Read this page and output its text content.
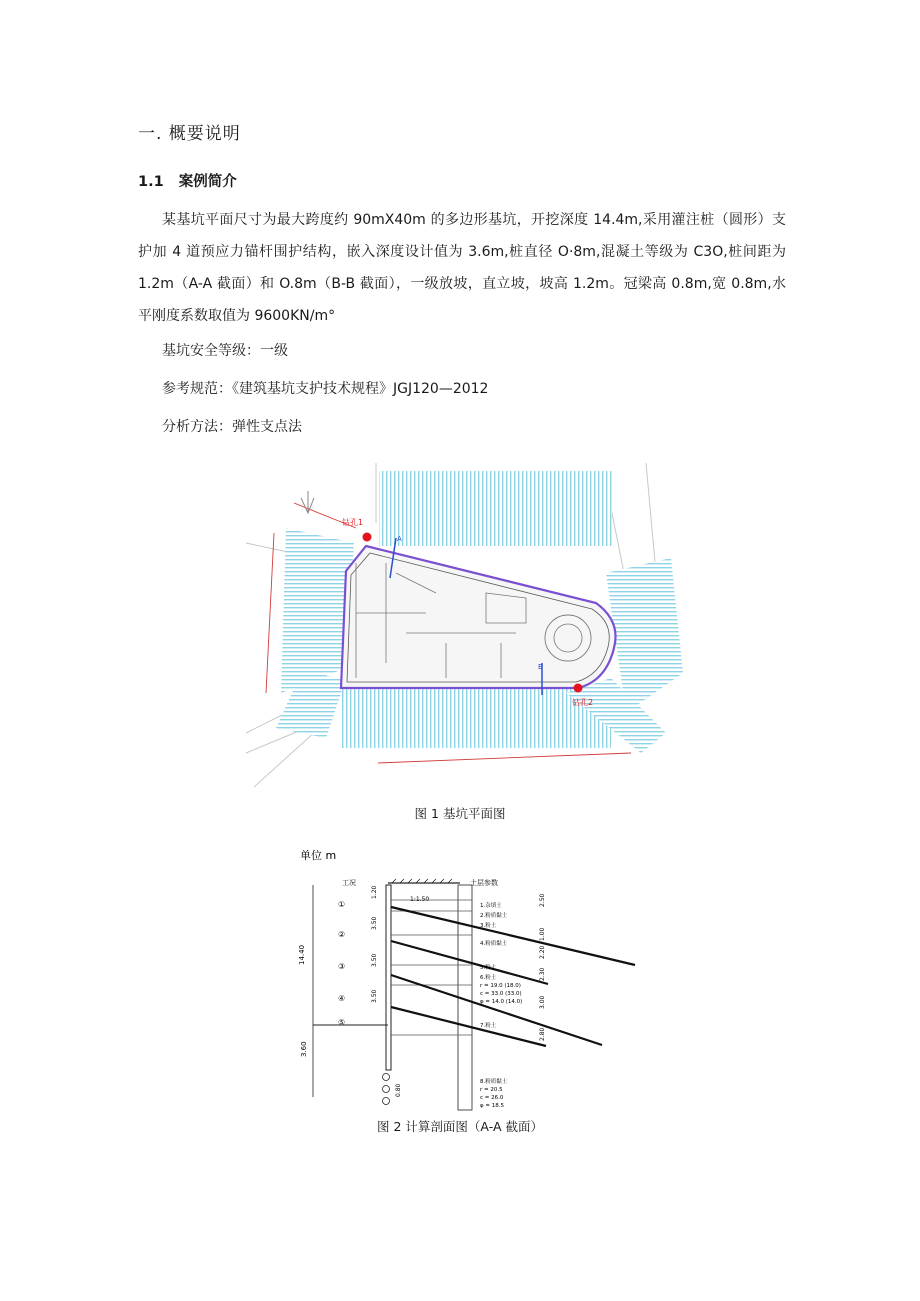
一. 概要说明
1.1 案例简介
某基坑平面尺寸为最大跨度约 90mX40m 的多边形基坑，开挖深度 14.4m,采用灌注桩（圆形）支护加 4 道预应力锚杆围护结构，嵌入深度设计值为 3.6m,桩直径 O·8m,混凝土等级为 C3O,桩间距为 1.2m（A-A 截面）和 O.8m（B-B 截面），一级放坡，直立坡，坡高 1.2m。冠梁高 0.8m,宽 0.8m,水平刚度系数取值为 9600KN∕m°
基坑安全等级：一级
参考规范：《建筑基坑支护技术规程》JGJ120—2012
分析方法：弹性支点法
A
B
钻孔1
钻孔2
图 1 基坑平面图
单位 m
工况	土层参数
1:1.50
14.40
3.60
1.20
3.50
3.50
3.50
①
②
③
④
⑤
1.杂填土
2.粉质黏土
3.粉土
4.粉质黏土
5.粉土
6.粉土
r = 19.0 (18.0)
c = 33.0 (33.0)
φ = 14.0 (14.0)
7.粉土
8.粉质黏土
r = 20.5
c = 26.0
φ = 18.5
2.50
1.00
2.20
2.30
3.00
2.80
0.80
图 2 计算剖面图（A-A 截面）
